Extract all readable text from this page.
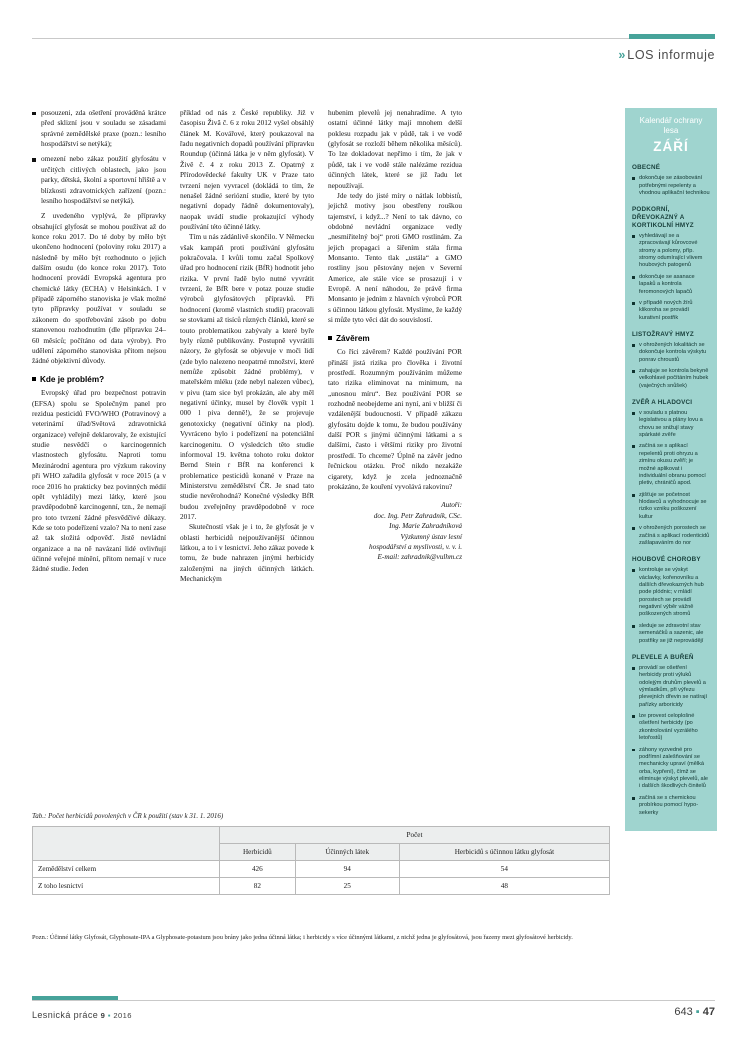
» LOS informuje
posouzeni, zda ošetření prováděná krátce před sklizní jsou v souladu se zásadami správné zemědělské praxe (pozn.: lesního hospodářství se netýká);
omezení nebo zákaz použití glyfosátu v určitých citlivých oblastech, jako jsou parky, dětská, školní a sportovní hřiště a v blízkosti zdravotnických zařízení (pozn.: lesního hospodářství se netýká).

Z uvedeného vyplývá, že přípravky obsahující glyfosát se mohou používat až do konce roku 2017. Do té doby by mělo být ukončeno hodnocení (poloviny roku 2017) a následně by mělo být rozhodnuto o jejich dalším osudu (do konce roku 2017). Toto hodnocení provádí Evropská agentura pro chemické látky (ECHA) v Helsinkách. I v případě záporného stanoviska je však možné tyto přípravky používat v souladu se zákonem do spotřebování zásob po dobu stanovenou rozhodnutím (dle přípravku 24–60 měsíců; počítáno od data výroby). Pro udělení záporného stanoviska přitom nejsou žádné objektivní důvody.

Kde je problém?

Evropský úřad pro bezpečnost potravin (EFSA) spolu se Společným panel pro rezidua pesticidů FVO/WHO (Potravinový a veterinární úřad/Světová zdravotnická organizace) veřejně deklarovaly, že existující studie nesvědčí o karcinogenních vlastnostech glyfosátu. Naproti tomu Mezinárodní agentura pro výzkum rakoviny při WHO zařadila glyfosát v roce 2015 (a v roce 2016 ho prakticky bez povinných médií opět vyhládily) mezi látky, které jsou pravděpodobně karcinogenní, tzn., že nemají pro toto tvrzení žádné přesvědčivé důkazy. Kde se toto podeřízení vzalo? Na to není zase až tak složitá odpověď. Jistě nevládní organizace a na ně navázaní lidé ovlivňují účinné veřejné mínění, přitom nemají v ruce žádné studie. Jeden

příklad od nás z České republiky. Již v časopisu Živă č. 6 z roku 2012 vyšel obsáhlý článek M. Kovářové, který poukazoval na řadu negativních dopadů používání přípravku Roundup (účinná látka je v něm glyfosát). V Živě č. 4 z roku 2013 Z. Opatrný z Přírodovědecké fakulty UK v Praze tato tvrzení nejen vyvracel (dokládá to tím, že nenašel žádné seriózní studie, které by tyto negativní dopady řádně dokumentovaly), naopak uvádí studie prokazující výhody používání této účinné látky.

Tím u nás zádánlivě skončilo. V Německu však kampáň proti používání glyfosátu pokračovala. I kvůli tomu začal Spolkový úřad pro hodnocení rizik (BfR) hodnotit jeho rizika. V první řadě bylo nutné vyvrátit tvrzení, že BfR bere v potaz pouze studie výrobců glyfosátových přípravků. Při hodnocení (kromě vlastních studií) pracovali se stovkami až tisíců různých článků, které se touto problematikou zabývaly a které byře byly různě publikovány. Postupně vyvrátili názory, že glyfosát se objevuje v moči lidí (zde bylo nalezeno neopatrné množství, které nemůže způsobit žádné problémy), v mateřském mléku (zde nebyl nalezen vůbec), v pivu (tam sice byl prokázán, ale aby měl negativní účinky, musel by člověk vypít 1 000 l piva denně!), že se projevuje genotoxicky (negativní účinky na plod). Vyvráceno bylo i podeřízení na potenciální karcinogenitu. O výsledcích těto studie informoval 19. května tohoto roku doktor Bernd Stein r BfR na konferenci k problematice pesticidů konané v Praze na Ministerstvu zemědělství ČR. Je snad tato studie nevěrohodná? Konečné výsledky BfR budou zveřejněny pravděpodobně v roce 2017.

Skutečností však je i to, že glyfosát je v oblasti herbicidů nejpoužívanější účinnou látkou, a to i v lesnictví. Jeho zákaz povede k tomu, že bude nahrazen jinými herbicidy založenými na jiných účinných látkách. Mechanickým

hubenim plevelů jej nenahradíme. A tyto ostatní účinné látky mají mnohem delší poklesu rozpadu jak v půdě, tak i ve vodě (glyfosát se rozloží během několika měsíců). To lze dokladovat nepřímo i tím, že jak v půdě, tak i ve vodě stále nalézáme rezidua účinných látek, které se již řadu let nepoužívají.

Jde tedy do jisté míry o nátlak lobbistů, jejichž motivy jsou obestřeny rouškou tajemství, i když...? Není to tak dávno, co obdobné nevládní organizace vedly „nesmiřitelný boj“ proti GMO rostlinám. Za jejich propagaci a šiřením stála firma Monsanto. Tento tlak „ustála“ a GMO rostliny jsou pěstovány nejen v Severní Americe, ale stále více se prosazují i v Evropě. A není náhodou, že právě firma Monsanto je jedním z hlavních výrobců POR s účinnou látkou glyfosát. Myslíme, že každý si může tyto věci dát do souvislostí.

Závěrem

Co říci závěrem? Každé používání POR přináší jistá rizika pro člověka i životní prostředí. Rozumným používáním můžeme tato rizika eliminovat na minimum, na „unosnou míru“. Bez používání POR se rozhodně neobejdeme ani nyní, ani v bližší či vzdálenější budoucnosti. V případě zákazu glyfosátu dojde k tomu, že budou používány další POR s jinými účinnými látkami a s dalšími, často i většími riziky pro životní prostředí. To chceme? Úplně na závěr jedno řečnickou otázku. Proč nikdo nezakáže cigarety, když je zcela jednoznačně prokázáno, že kouření vyvolává rakovinu?

Autoři:
doc. Ing. Petr Zahradník, CSc.
Ing. Marie Zahradníková
Výzkumný ústav lesní
hospodářství a myslivosti, v. v. i.
E-mail: zahradnik@vulhm.cz
Kalendář ochrany lesa
ZÁŘÍ
OBECNÉ
dokončuje se zásobování potřebnými repelenty a vhodnou aplikační technikou
PODKORNÍ, DŘEVOKAZNÝ A KORTIKOLNÍ HMYZ
vyhledávají se a zpracovávají kůrovcové stromy a polomy, příp. stromy odumírající vlivem houbových patogenů
dokončuje se asanace lapaků a kontrola feromonových lapačů
v případě nových žírů klikoroha se provádí kurativní postřik
LISTOŽRAVÝ HMYZ
v ohrožených lokalitách se dokončuje kontrola výskytu ponrav chroustů
zahajuje se kontrola bekyně velkohlavé počítáním hubek (vaječných snůšek)
ZVĚŘ A HLADOVCI
v souladu s platnou legislativou a plány lovu a chovu se snižují stavy spárkaté zvěře
začíná se s aplikací repelentů proti ohryzu a zimínu okusu zvěří; je možné aplikovat i individuální obranu pomocí pletiv, chráničů apod.
zjišťuje se početnost hlodavců a vyhodnocuje se riziko vzniku poškození kultur
v ohrožených porostech se začíná s aplikací rodenticidů zašlapaváním do nor
HOUBOVÉ CHOROBY
kontroluje se výskyt václavky, kořenovníku a dalších dřevokazných hub pode plódnic; v mládí porostech se provádí negativní výběr vážně poškozených stromů
sleduje se zdravotní stav semenáčků a sazenic, ale postřiky se již neprovádějí
PLEVELE A BUŘEŇ
provádí se ošetření herbicidy proti výluků odolejým druhům plevelů a výmladkům, při výřezu plevejních dřevin se natírají pařízky arboricidy
lze provest celoplošné ošetření herbicidy (po zkontrolování vyzrálého letořostů)
záhony vyzvedné pro podřímní zalešňování se mechanicky upraví (mělká orba, kypření), čímž se eliminuje výskyt plevelů, ale i dalších škodlivých činitelů
začíná se s chemickou probírkou pomocí hypo-sekerky
Tab.: Počet herbicidů povolených v ČR k použití (stav k 31. 1. 2016)
	Počet		
	Herbicidů	Účinných látek	Herbicidů s účinnou látku glyfosát
Zemědělství celkem	426	94	54
Z toho lesnictví	82	25	48
Pozn.: Účinné látky Glyfosát, Glyphosate-IPA a Glyphosate-potasium jsou brány jako jedna účinná látka; i herbicidy s více účinnými látkami, z nichž jedna je glyfosátová, jsou řazeny mezi glyfosátové herbicidy.
Lesnická práce 9 ▪ 2016	643 ▪ 47
